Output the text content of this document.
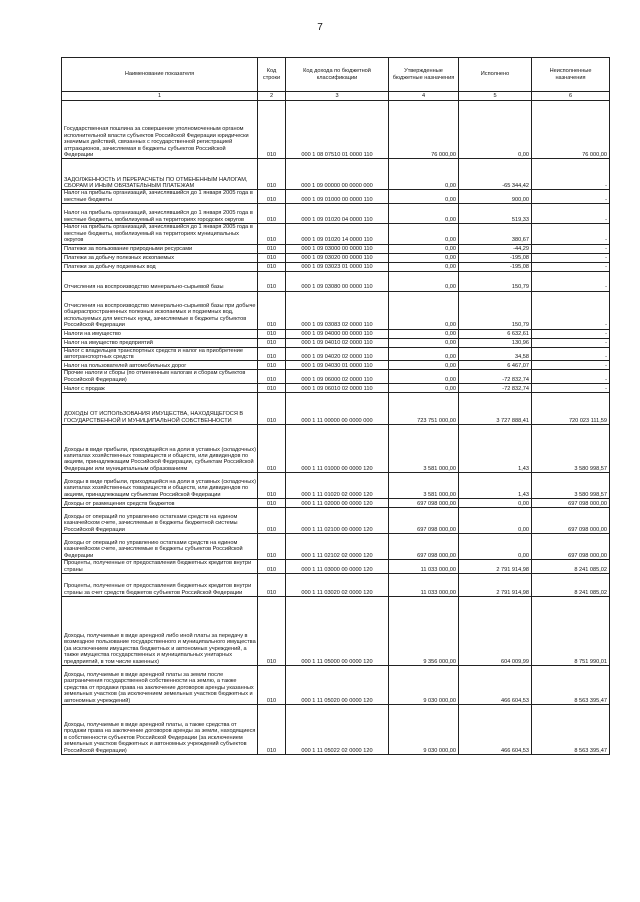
7
Наименование показателя	Код строки	Код дохода по бюджетной классификации	Утвержденные бюджетные назначения	Исполнено	Неисполненные назначения
1	2	3	4	5	6
Государственная пошлина за совершение уполномоченным органом исполнительной власти субъектов Российской Федерации юридически значимых действий, связанных с государственной регистрацией аттракционов, зачисляемая в бюджеты субъектов Российской Федерации	010	000 1 08 07510 01 0000 110	76 000,00	0,00	76 000,00
ЗАДОЛЖЕННОСТЬ И ПЕРЕРАСЧЕТЫ ПО ОТМЕНЕННЫМ НАЛОГАМ, СБОРАМ И ИНЫМ ОБЯЗАТЕЛЬНЫМ ПЛАТЕЖАМ	010	000 1 09 00000 00 0000 000	0,00	-65 344,42	-
Налог на прибыль организаций, зачислявшийся до 1 января 2005 года в местные бюджеты	010	000 1 09 01000 00 0000 110	0,00	900,00	-
Налог на прибыль организаций, зачислявшийся до 1 января 2005 года в местные бюджеты, мобилизуемый на территориях городских округов	010	000 1 09 01020 04 0000 110	0,00	519,33	-
Налог на прибыль организаций, зачислявшийся до 1 января 2005 года в местные бюджеты, мобилизуемый на территориях муниципальных округов	010	000 1 09 01020 14 0000 110	0,00	380,67	-
Платежи за пользование природными ресурсами	010	000 1 09 03000 00 0000 110	0,00	-44,29	-
Платежи за добычу полезных ископаемых	010	000 1 09 03020 00 0000 110	0,00	-195,08	-
Платежи за добычу подземных вод	010	000 1 09 03023 01 0000 110	0,00	-195,08	-
Отчисления на воспроизводство минерально-сырьевой базы	010	000 1 09 03080 00 0000 110	0,00	150,79	-
Отчисления на воспроизводство минерально-сырьевой базы при добыче общераспространенных полезных ископаемых и подземных вод, используемых для местных нужд, зачисляемые в бюджеты субъектов Российской Федерации	010	000 1 09 03083 02 0000 110	0,00	150,79	-
Налоги на имущество	010	000 1 09 04000 00 0000 110	0,00	6 632,61	-
Налог на имущество предприятий	010	000 1 09 04010 02 0000 110	0,00	130,96	-
Налог с владельцев транспортных средств и налог на приобретение автотранспортных средств	010	000 1 09 04020 02 0000 110	0,00	34,58	-
Налог на пользователей автомобильных дорог	010	000 1 09 04030 01 0000 110	0,00	6 467,07	-
Прочие налоги и сборы (по отмененным налогам и сборам субъектов Российской Федерации)	010	000 1 09 06000 02 0000 110	0,00	-72 832,74	-
Налог с продаж	010	000 1 09 06010 02 0000 110	0,00	-72 832,74	-
ДОХОДЫ ОТ ИСПОЛЬЗОВАНИЯ ИМУЩЕСТВА, НАХОДЯЩЕГОСЯ В ГОСУДАРСТВЕННОЙ И МУНИЦИПАЛЬНОЙ СОБСТВЕННОСТИ	010	000 1 11 00000 00 0000 000	723 751 000,00	3 727 888,41	720 023 111,59
Доходы в виде прибыли, приходящейся на доли в уставных (складочных) капиталах хозяйственных товариществ и обществ, или дивидендов по акциям, принадлежащим Российской Федерации, субъектам Российской Федерации или муниципальным образованиям	010	000 1 11 01000 00 0000 120	3 581 000,00	1,43	3 580 998,57
Доходы в виде прибыли, приходящейся на доли в уставных (складочных) капиталах хозяйственных товариществ и обществ, или дивидендов по акциям, принадлежащим субъектам Российской Федерации	010	000 1 11 01020 02 0000 120	3 581 000,00	1,43	3 580 998,57
Доходы от размещения средств бюджетов	010	000 1 11 02000 00 0000 120	697 098 000,00	0,00	697 098 000,00
Доходы от операций по управлению остатками средств на едином казначейском счете, зачисляемые в бюджеты бюджетной системы Российской Федерации	010	000 1 11 02100 00 0000 120	697 098 000,00	0,00	697 098 000,00
Доходы от операций по управлению остатками средств на едином казначейском счете, зачисляемые в бюджеты субъектов Российской Федерации	010	000 1 11 02102 02 0000 120	697 098 000,00	0,00	697 098 000,00
Проценты, полученные от предоставления бюджетных кредитов внутри страны	010	000 1 11 03000 00 0000 120	11 033 000,00	2 791 914,98	8 241 085,02
Проценты, полученные от предоставления бюджетных кредитов внутри страны за счет средств бюджетов субъектов Российской Федерации	010	000 1 11 03020 02 0000 120	11 033 000,00	2 791 914,98	8 241 085,02
Доходы, получаемые в виде арендной либо иной платы за передачу в возмездное пользование государственного и муниципального имущества (за исключением имущества бюджетных и автономных учреждений, а также имущества государственных и муниципальных унитарных предприятий, в том числе казенных)	010	000 1 11 05000 00 0000 120	9 356 000,00	604 009,99	8 751 990,01
Доходы, получаемые в виде арендной платы за земли после разграничения государственной собственности на землю, а также средства от продажи права на заключение договоров аренды указанных земельных участков (за исключением земельных участков бюджетных и автономных учреждений)	010	000 1 11 05020 00 0000 120	9 030 000,00	466 604,53	8 563 395,47
Доходы, получаемые в виде арендной платы, а также средства от продажи права на заключение договоров аренды за земли, находящиеся в собственности субъектов Российской Федерации (за исключением земельных участков бюджетных и автономных учреждений субъектов Российской Федерации)	010	000 1 11 05022 02 0000 120	9 030 000,00	466 604,53	8 563 395,47
